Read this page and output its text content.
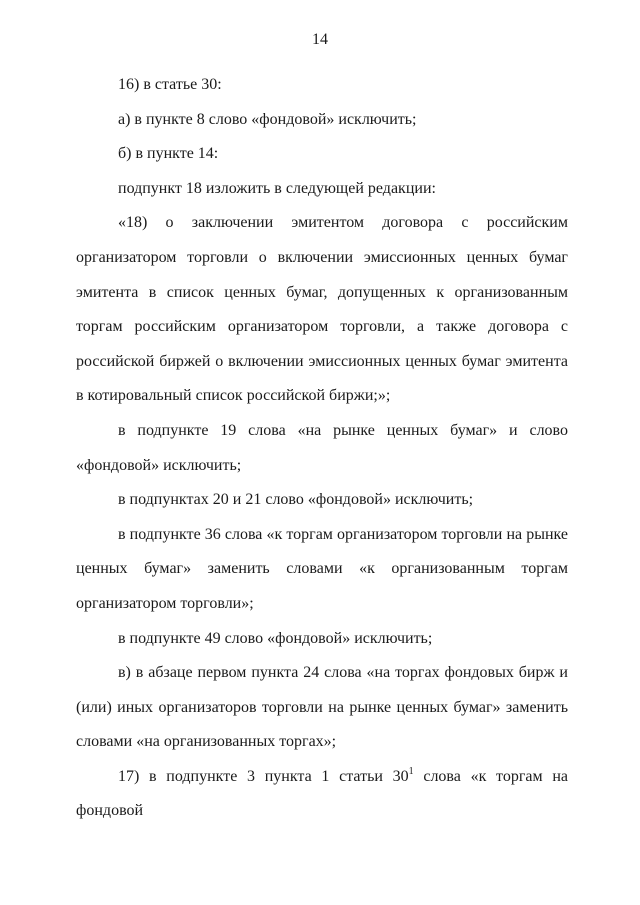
14

16) в статье 30:

а) в пункте 8 слово «фондовой» исключить;

б) в пункте 14:

подпункт 18 изложить в следующей редакции:

«18) о заключении эмитентом договора с российским организатором торговли о включении эмиссионных ценных бумаг эмитента в список ценных бумаг, допущенных к организованным торгам российским организатором торговли, а также договора с российской биржей о включении эмиссионных ценных бумаг эмитента в котировальный список российской биржи;»;

в подпункте 19 слова «на рынке ценных бумаг» и слово «фондовой» исключить;

в подпунктах 20 и 21 слово «фондовой» исключить;

в подпункте 36 слова «к торгам организатором торговли на рынке ценных бумаг» заменить словами «к организованным торгам организатором торговли»;

в подпункте 49 слово «фондовой» исключить;

в) в абзаце первом пункта 24 слова «на торгах фондовых бирж и (или) иных организаторов торговли на рынке ценных бумаг» заменить словами «на организованных торгах»;

17) в подпункте 3 пункта 1 статьи $30^1$ слова «к торгам на фондовой
